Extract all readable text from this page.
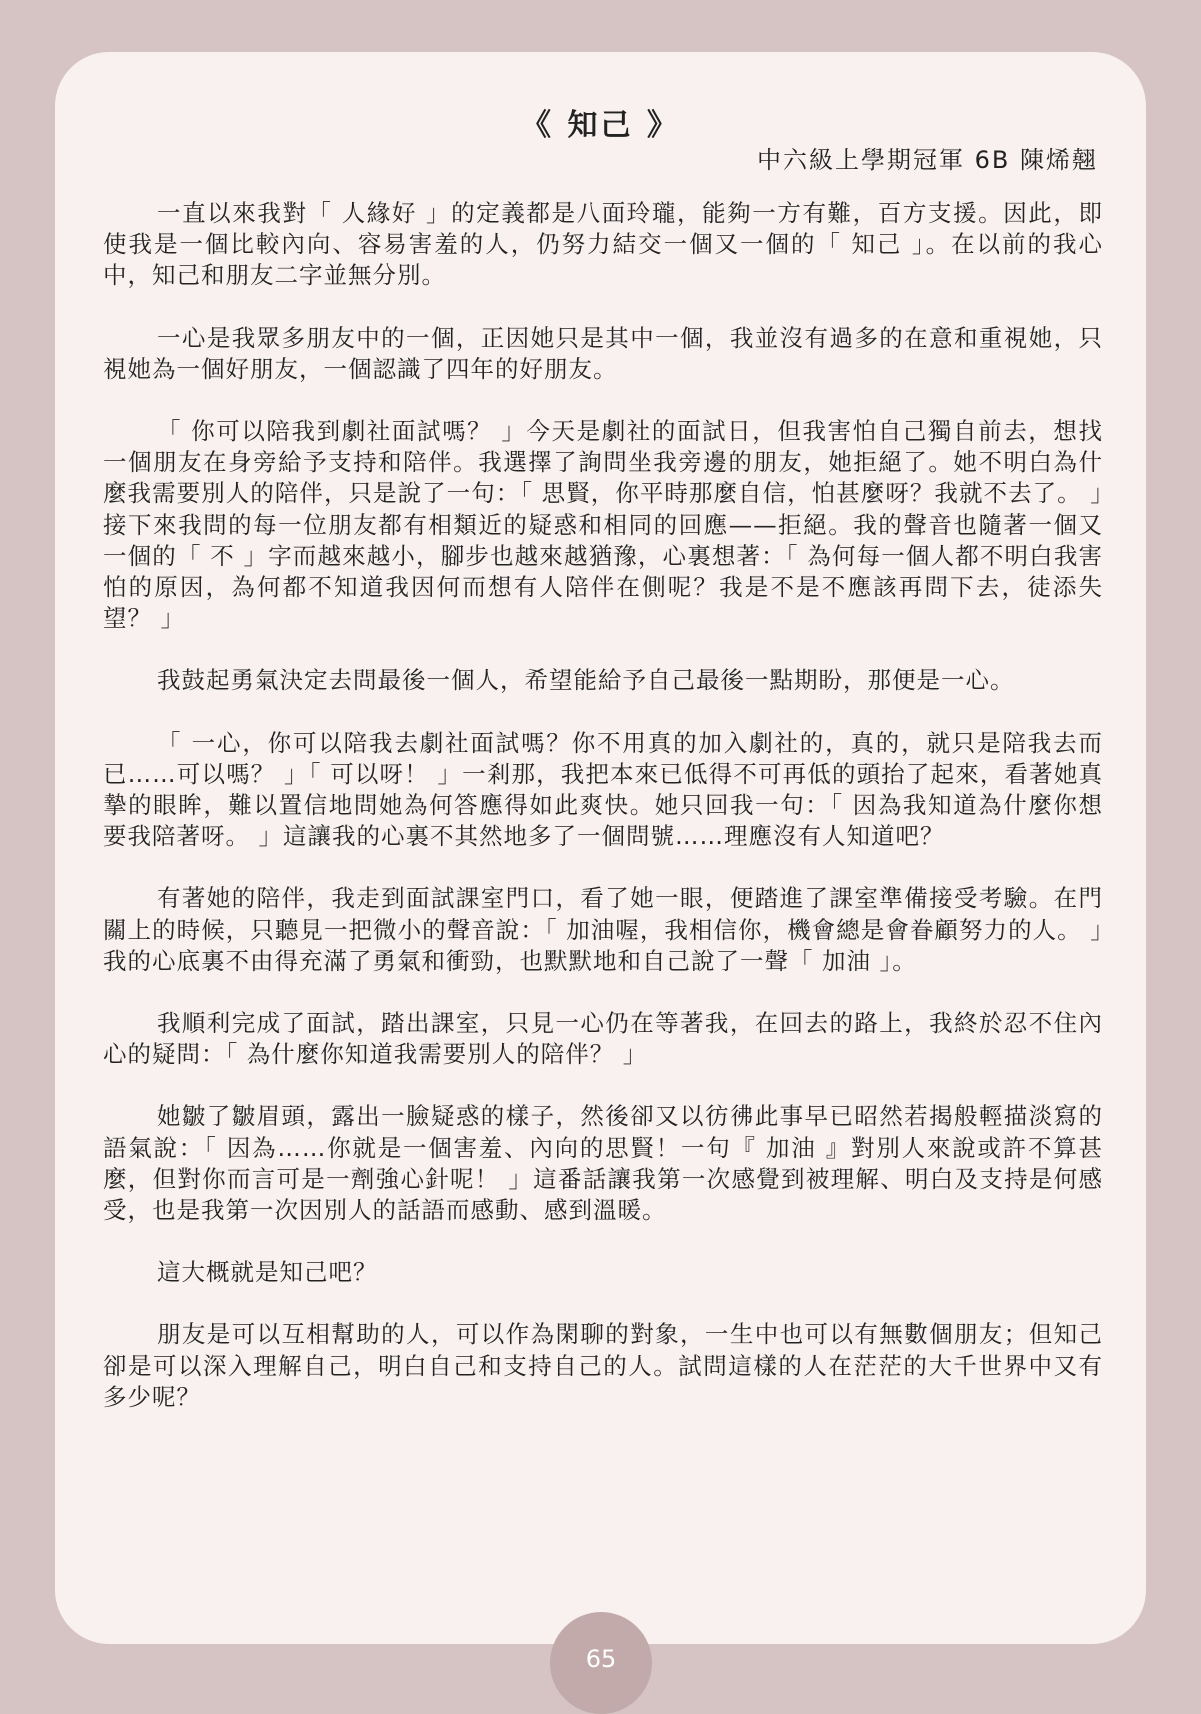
《 知己 》
中六級上學期冠軍 6B 陳烯翹

一直以來我對「 人緣好 」的定義都是八面玲瓏，能夠一方有難，百方支援。因此，即使我是一個比較內向、容易害羞的人，仍努力結交一個又一個的「 知己 」。在以前的我心中，知己和朋友二字並無分別。

一心是我眾多朋友中的一個，正因她只是其中一個，我並沒有過多的在意和重視她，只視她為一個好朋友，一個認識了四年的好朋友。

「 你可以陪我到劇社面試嗎？ 」今天是劇社的面試日，但我害怕自己獨自前去，想找一個朋友在身旁給予支持和陪伴。我選擇了詢問坐我旁邊的朋友，她拒絕了。她不明白為什麼我需要別人的陪伴，只是說了一句：「 思賢，你平時那麼自信，怕甚麼呀？我就不去了。 」接下來我問的每一位朋友都有相類近的疑惑和相同的回應——拒絕。我的聲音也隨著一個又一個的「 不 」字而越來越小，腳步也越來越猶豫，心裏想著：「 為何每一個人都不明白我害怕的原因，為何都不知道我因何而想有人陪伴在側呢？我是不是不應該再問下去，徒添失望？ 」

我鼓起勇氣決定去問最後一個人，希望能給予自己最後一點期盼，那便是一心。

「 一心，你可以陪我去劇社面試嗎？你不用真的加入劇社的，真的，就只是陪我去而已……可以嗎？ 」「 可以呀！ 」一剎那，我把本來已低得不可再低的頭抬了起來，看著她真摯的眼眸，難以置信地問她為何答應得如此爽快。她只回我一句：「 因為我知道為什麼你想要我陪著呀。 」這讓我的心裏不其然地多了一個問號……理應沒有人知道吧？

有著她的陪伴，我走到面試課室門口，看了她一眼，便踏進了課室準備接受考驗。在門關上的時候，只聽見一把微小的聲音說：「 加油喔，我相信你，機會總是會眷顧努力的人。 」我的心底裏不由得充滿了勇氣和衝勁，也默默地和自己說了一聲「 加油 」。

我順利完成了面試，踏出課室，只見一心仍在等著我，在回去的路上，我終於忍不住內心的疑問：「 為什麼你知道我需要別人的陪伴？ 」

她皺了皺眉頭，露出一臉疑惑的樣子，然後卻又以彷彿此事早已昭然若揭般輕描淡寫的語氣說：「 因為……你就是一個害羞、內向的思賢！一句『 加油 』對別人來說或許不算甚麼，但對你而言可是一劑強心針呢！ 」這番話讓我第一次感覺到被理解、明白及支持是何感受，也是我第一次因別人的話語而感動、感到溫暖。

這大概就是知己吧？

朋友是可以互相幫助的人，可以作為閑聊的對象，一生中也可以有無數個朋友；但知己卻是可以深入理解自己，明白自己和支持自己的人。試問這樣的人在茫茫的大千世界中又有多少呢？

65
